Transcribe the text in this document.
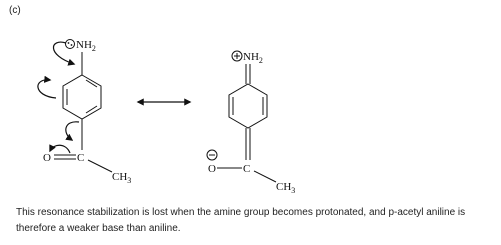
(c)
$NH_2$
O C
$CH_3$
$NH_2$
O C
$CH_3$
This resonance stabilization is lost when the amine group becomes protonated, and p-acetyl aniline is therefore a weaker base than aniline.
